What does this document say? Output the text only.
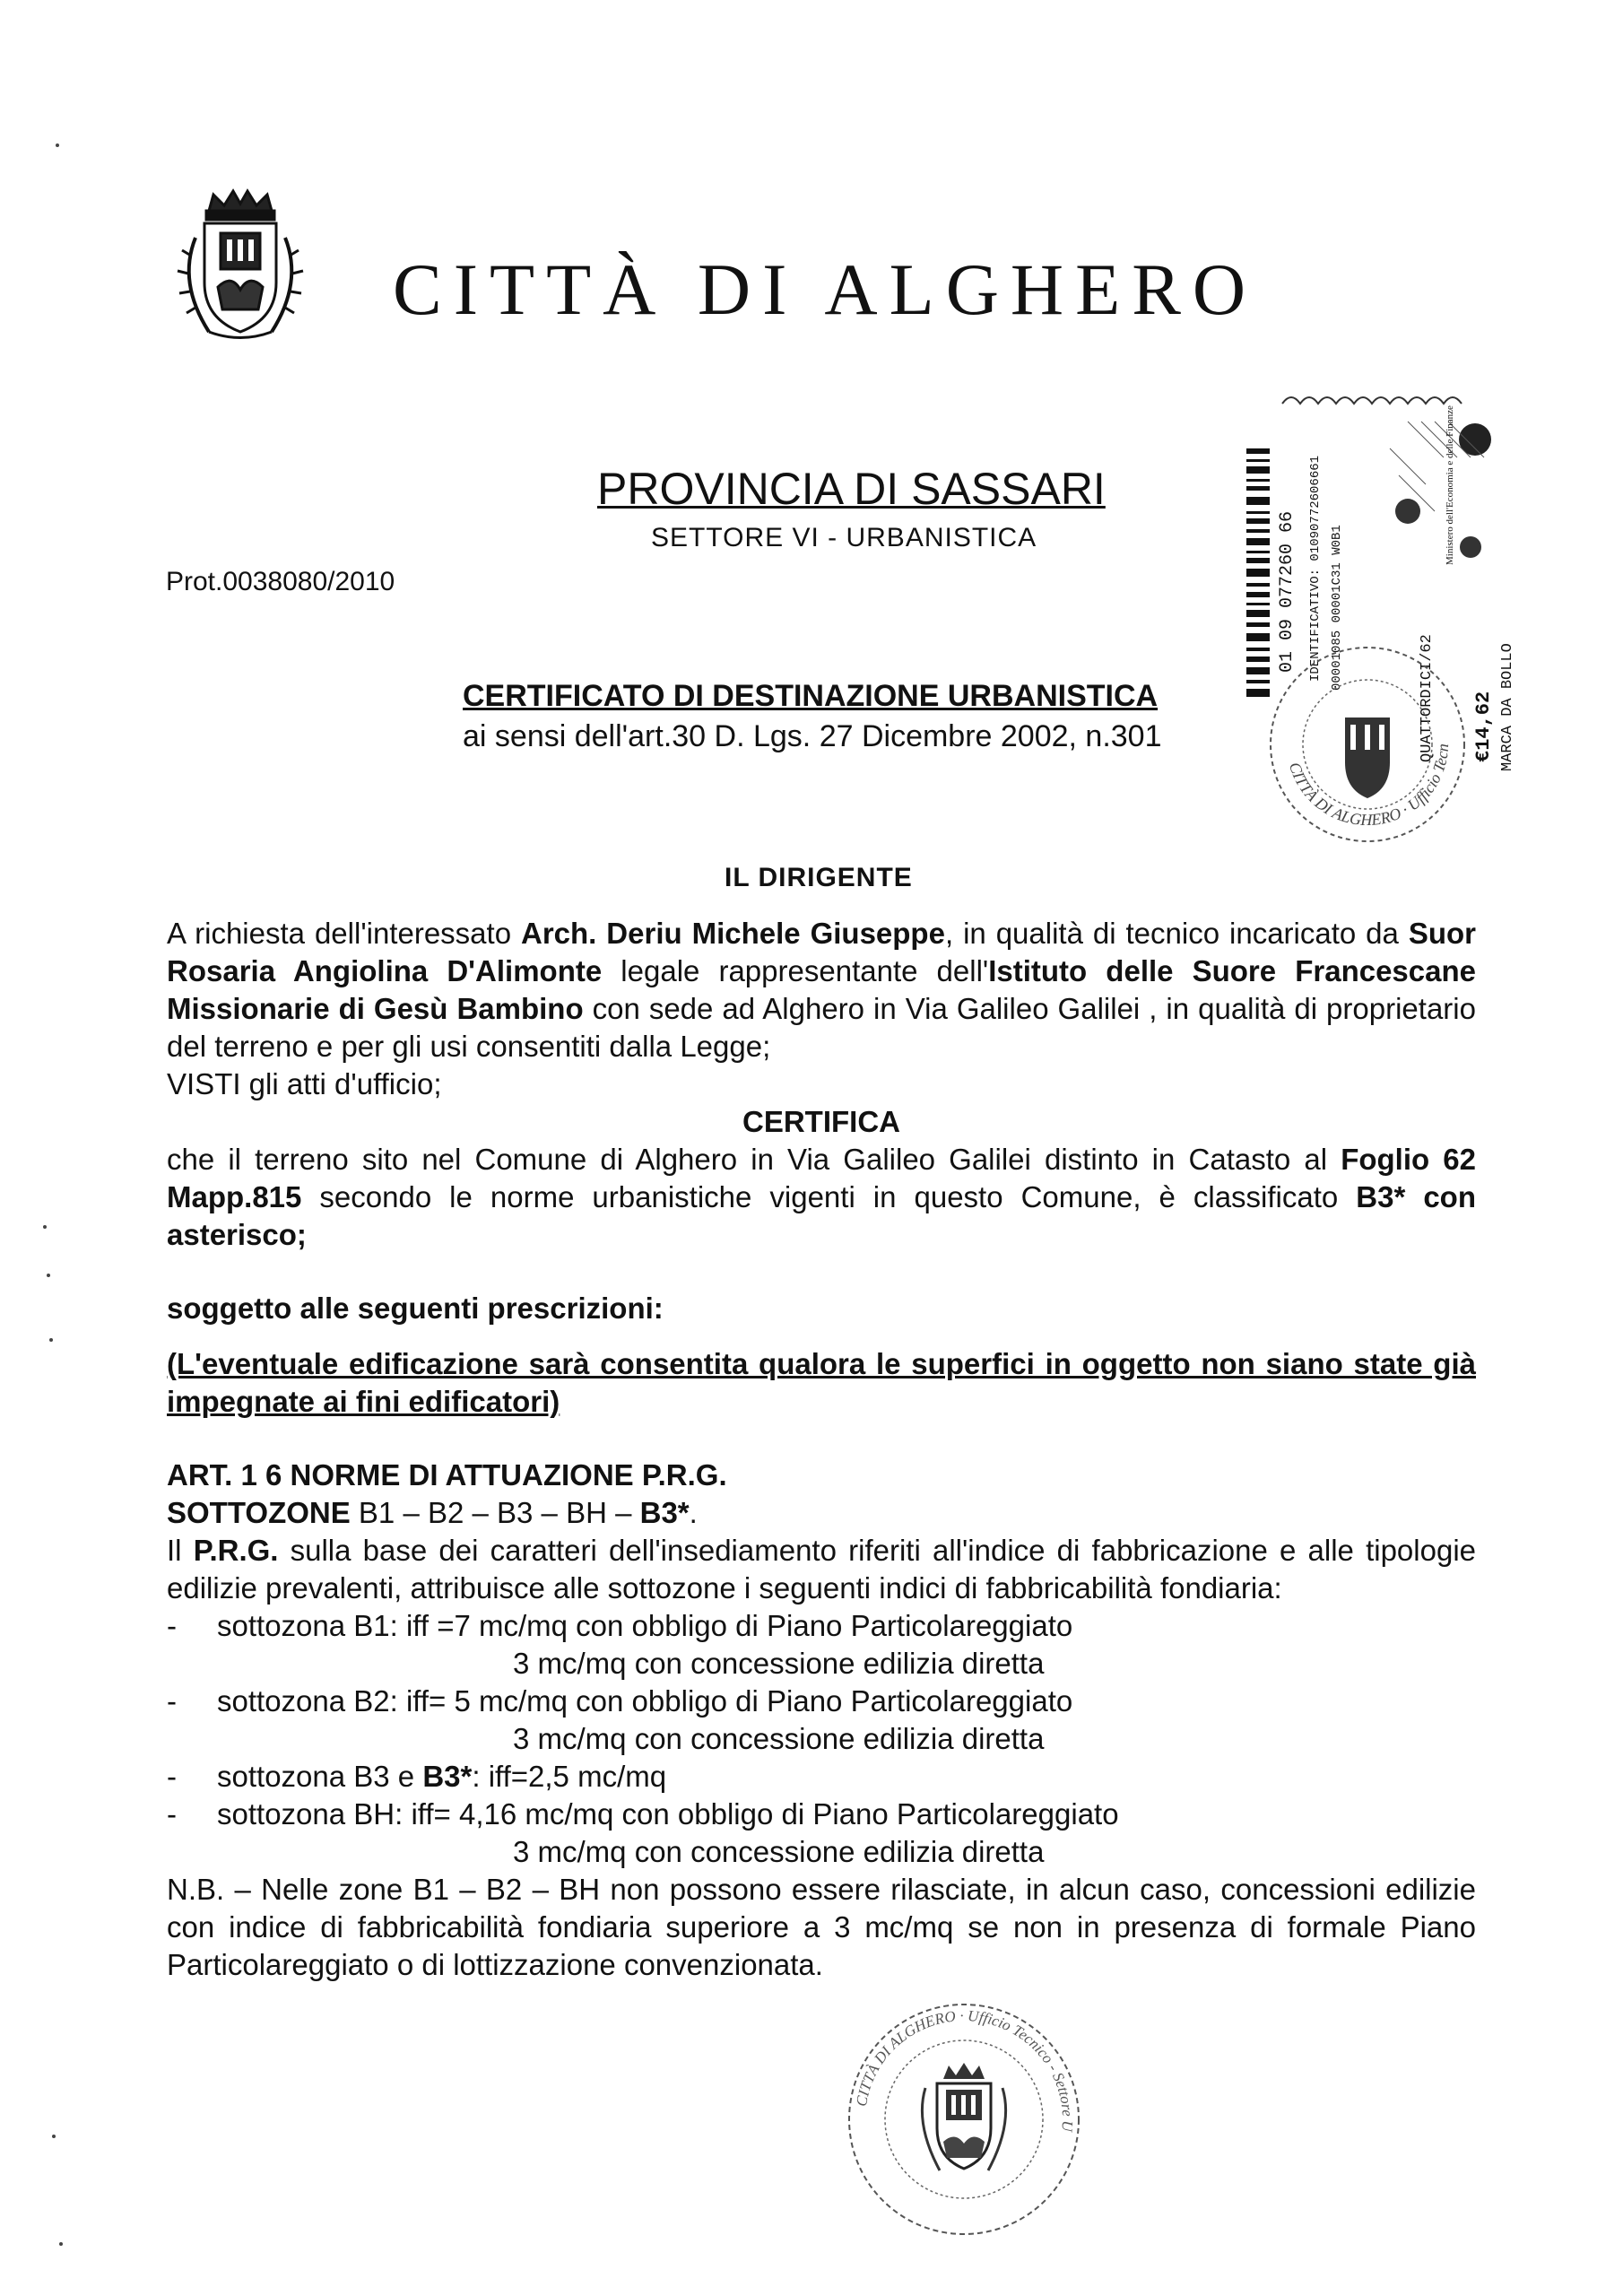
CITTÀ DI ALGHERO
PROVINCIA DI SASSARI
SETTORE VI - URBANISTICA
Prot.0038080/2010
CERTIFICATO DI DESTINAZIONE URBANISTICA
ai sensi dell'art.30 D. Lgs. 27 Dicembre 2002, n.301
IL DIRIGENTE
01 09 077260 66 IDENTIFICATIVO: 01090772606661 00001085 00001C31 W0B1
QUATTORDICI/62 €14,62 MARCA DA BOLLO
Ministero dell'Economia e delle Finanze
CITTÀ DI ALGHERO · Ufficio Tecn

A richiesta dell'interessato Arch. Deriu Michele Giuseppe, in qualità di tecnico incaricato da Suor Rosaria Angiolina D'Alimonte legale rappresentante dell'Istituto delle Suore Francescane Missionarie di Gesù Bambino con sede ad Alghero in Via Galileo Galilei , in qualità di proprietario del terreno e per gli usi consentiti dalla Legge;

VISTI gli atti d'ufficio;

CERTIFICA

che il terreno sito nel Comune di Alghero in Via Galileo Galilei distinto in Catasto al Foglio 62 Mapp.815 secondo le norme urbanistiche vigenti in questo Comune, è classificato B3* con asterisco;

soggetto alle seguenti prescrizioni:

(L'eventuale edificazione sarà consentita qualora le superfici in oggetto non siano state già impegnate ai fini edificatori)

ART. 1 6 NORME DI ATTUAZIONE P.R.G.

SOTTOZONE B1 – B2 – B3 – BH – B3*.

Il P.R.G. sulla base dei caratteri dell'insediamento riferiti all'indice di fabbricazione e alle tipologie edilizie prevalenti, attribuisce alle sottozone i seguenti indici di fabbricabilità fondiaria:

- sottozona B1: iff =7 mc/mq con obbligo di Piano Particolareggiato
3 mc/mq con concessione edilizia diretta
- sottozona B2: iff= 5 mc/mq con obbligo di Piano Particolareggiato
3 mc/mq con concessione edilizia diretta
- sottozona B3 e B3*: iff=2,5 mc/mq
- sottozona BH: iff= 4,16 mc/mq con obbligo di Piano Particolareggiato
3 mc/mq con concessione edilizia diretta

N.B. – Nelle zone B1 – B2 – BH non possono essere rilasciate, in alcun caso, concessioni edilizie con indice di fabbricabilità fondiaria superiore a 3 mc/mq se non in presenza di formale Piano Particolareggiato o di lottizzazione convenzionata.

CITTÀ DI ALGHERO · Ufficio Tecnico - Settore U
